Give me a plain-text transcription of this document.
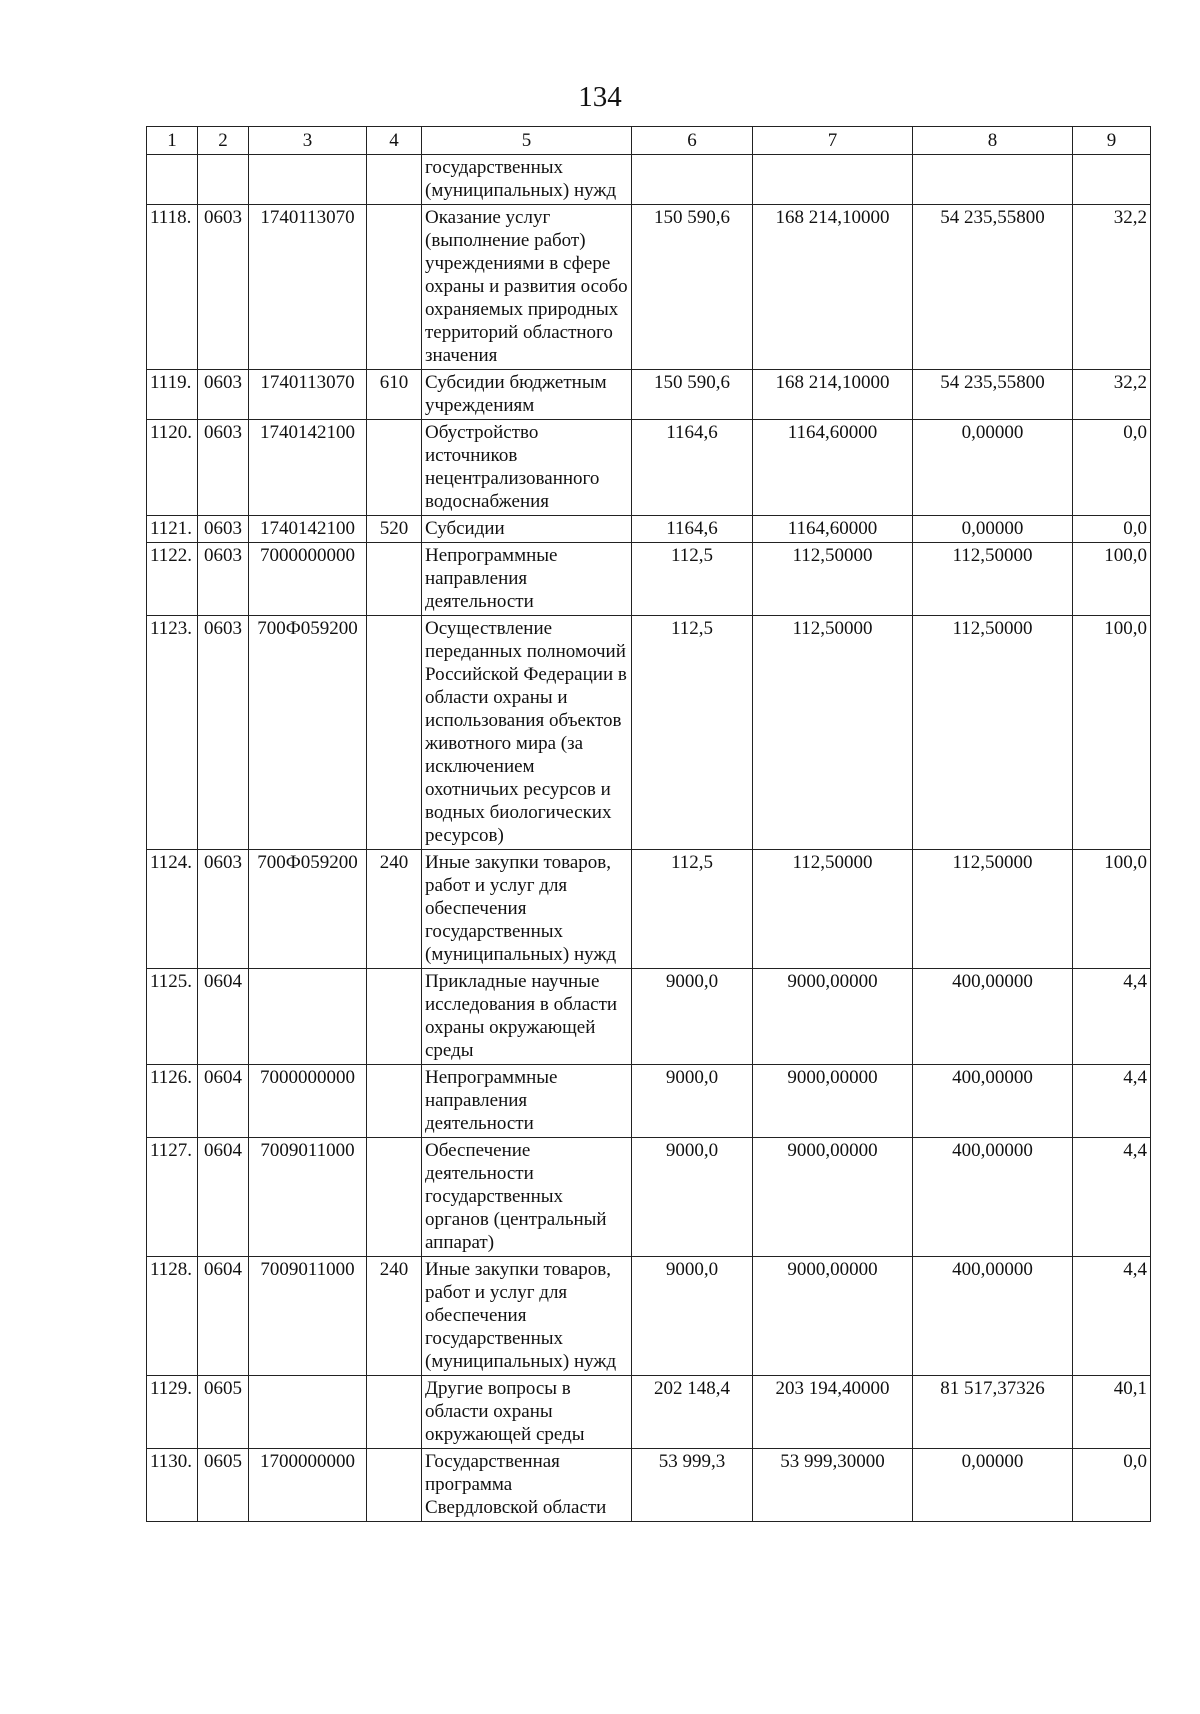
134
1	2	3	4	5	6	7	8	9
				государственных (муниципальных) нужд				
1118.	0603	1740113070		Оказание услуг (выполнение работ) учреждениями в сфере охраны и развития особо охраняемых природных территорий областного значения	150 590,6	168 214,10000	54 235,55800	32,2
1119.	0603	1740113070	610	Субсидии бюджетным учреждениям	150 590,6	168 214,10000	54 235,55800	32,2
1120.	0603	1740142100		Обустройство источников нецентрализованного водоснабжения	1164,6	1164,60000	0,00000	0,0
1121.	0603	1740142100	520	Субсидии	1164,6	1164,60000	0,00000	0,0
1122.	0603	7000000000		Непрограммные направления деятельности	112,5	112,50000	112,50000	100,0
1123.	0603	700Ф059200		Осуществление переданных полномочий Российской Федерации в области охраны и использования объектов животного мира (за исключением охотничьих ресурсов и водных биологических ресурсов)	112,5	112,50000	112,50000	100,0
1124.	0603	700Ф059200	240	Иные закупки товаров, работ и услуг для обеспечения государственных (муниципальных) нужд	112,5	112,50000	112,50000	100,0
1125.	0604			Прикладные научные исследования в области охраны окружающей среды	9000,0	9000,00000	400,00000	4,4
1126.	0604	7000000000		Непрограммные направления деятельности	9000,0	9000,00000	400,00000	4,4
1127.	0604	7009011000		Обеспечение деятельности государственных органов (центральный аппарат)	9000,0	9000,00000	400,00000	4,4
1128.	0604	7009011000	240	Иные закупки товаров, работ и услуг для обеспечения государственных (муниципальных) нужд	9000,0	9000,00000	400,00000	4,4
1129.	0605			Другие вопросы в области охраны окружающей среды	202 148,4	203 194,40000	81 517,37326	40,1
1130.	0605	1700000000		Государственная программа Свердловской области	53 999,3	53 999,30000	0,00000	0,0
